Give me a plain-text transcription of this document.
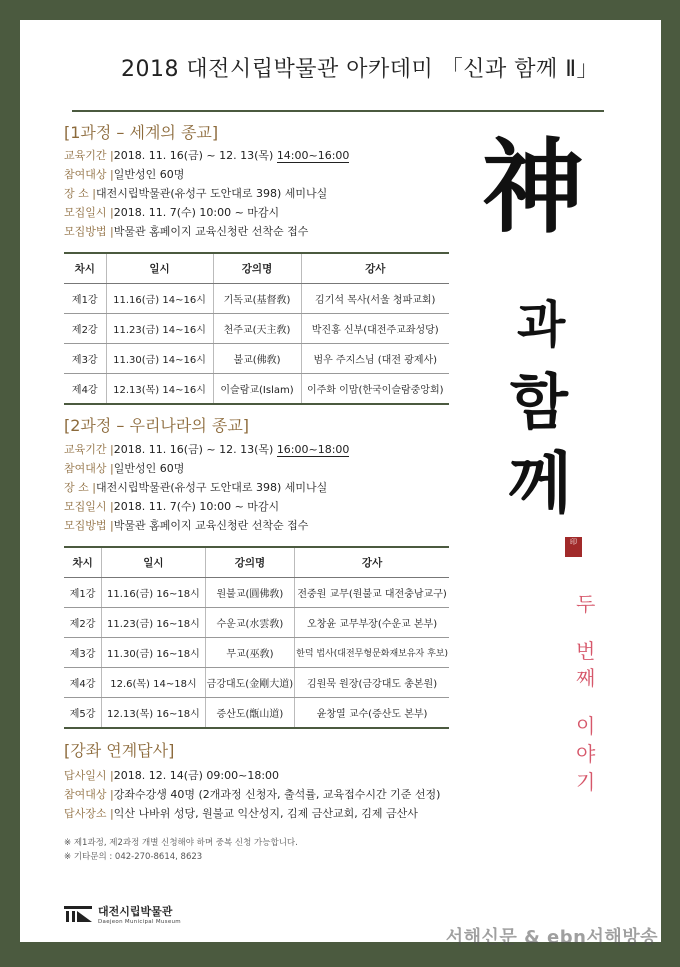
2018 대전시립박물관 아카데미 「신과 함께 Ⅱ」
[1과정 – 세계의 종교]
교육기간 |2018. 11. 16(금) ~ 12. 13(목) 14:00~16:00
참여대상 |일반성인 60명
장 소 |대전시립박물관(유성구 도안대로 398) 세미나실
모집일시 |2018. 11. 7(수) 10:00 ~ 마감시
모집방법 |박물관 홈페이지 교육신청란 선착순 접수
차시	일시	강의명	강사
제1강	11.16(금) 14~16시	기독교(基督敎)	김기석 목사(서울 청파교회)
제2강	11.23(금) 14~16시	천주교(天主敎)	박진홍 신부(대전주교좌성당)
제3강	11.30(금) 14~16시	불교(佛敎)	범우 주지스님 (대전 광제사)
제4강	12.13(목) 14~16시	이슬람교(Islam)	이주화 이맘(한국이슬람중앙회)
[2과정 – 우리나라의 종교]
교육기간 |2018. 11. 16(금) ~ 12. 13(목) 16:00~18:00
참여대상 |일반성인 60명
장 소 |대전시립박물관(유성구 도안대로 398) 세미나실
모집일시 |2018. 11. 7(수) 10:00 ~ 마감시
모집방법 |박물관 홈페이지 교육신청란 선착순 접수
차시	일시	강의명	강사
제1강	11.16(금) 16~18시	원불교(圓佛敎)	전중원 교무(원불교 대전충남교구)
제2강	11.23(금) 16~18시	수운교(水雲敎)	오창윤 교무부장(수운교 본부)
제3강	11.30(금) 16~18시	무교(巫敎)	한덕 법사(대전무형문화재보유자 후보)
제4강	12.6(목) 14~18시	금강대도(金剛大道)	김원묵 원장(금강대도 총본원)
제5강	12.13(목) 16~18시	증산도(甑山道)	윤창열 교수(증산도 본부)
[강좌 연계답사]
답사일시 |2018. 12. 14(금) 09:00~18:00
참여대상 |강좌수강생 40명 (2개과정 신청자, 출석률, 교육접수시간 기준 선정)
답사장소 |익산 나바위 성당, 원불교 익산성지, 김제 금산교회, 김제 금산사
※ 제1과정, 제2과정 개별 신청해야 하며 중복 신청 가능합니다.
※ 기타문의 : 042-270-8614, 8623
대전시립박물관
Daejeon Municipal Museum
神
과
함
께
印
두
번
째
이
야
기
서해신문 & ebn서해방송
